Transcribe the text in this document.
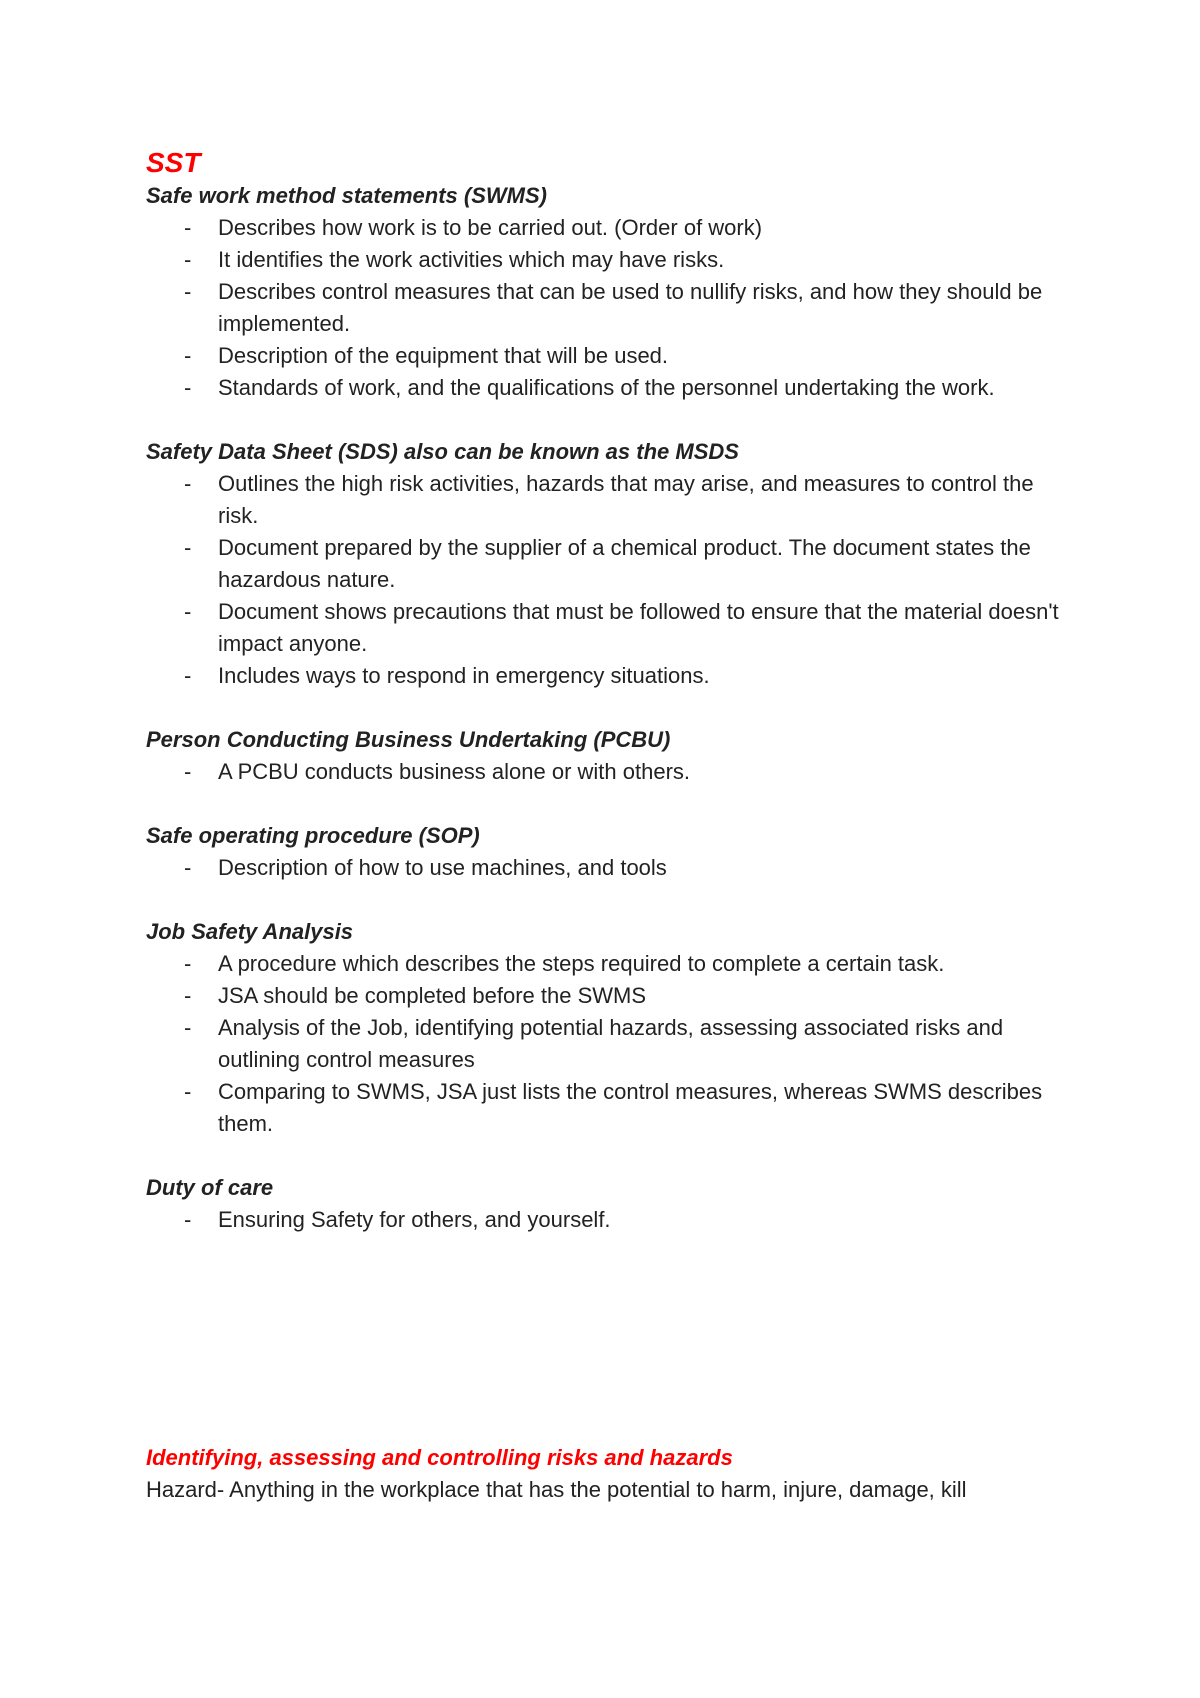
SST

Safe work method statements (SWMS)

- Describes how work is to be carried out. (Order of work)
- It identifies the work activities which may have risks.
- Describes control measures that can be used to nullify risks, and how they should be implemented.
- Description of the equipment that will be used.
- Standards of work, and the qualifications of the personnel undertaking the work.

Safety Data Sheet (SDS) also can be known as the MSDS

- Outlines the high risk activities, hazards that may arise, and measures to control the risk.
- Document prepared by the supplier of a chemical product. The document states the hazardous nature.
- Document shows precautions that must be followed to ensure that the material doesn't impact anyone.
- Includes ways to respond in emergency situations.

Person Conducting Business Undertaking (PCBU)

- A PCBU conducts business alone or with others.

Safe operating procedure (SOP)

- Description of how to use machines, and tools

Job Safety Analysis

- A procedure which describes the steps required to complete a certain task.
- JSA should be completed before the SWMS
- Analysis of the Job, identifying potential hazards, assessing associated risks and outlining control measures
- Comparing to SWMS, JSA just lists the control measures, whereas SWMS describes them.

Duty of care

- Ensuring Safety for others, and yourself.

Identifying, assessing and controlling risks and hazards

Hazard- Anything in the workplace that has the potential to harm, injure, damage, kill
